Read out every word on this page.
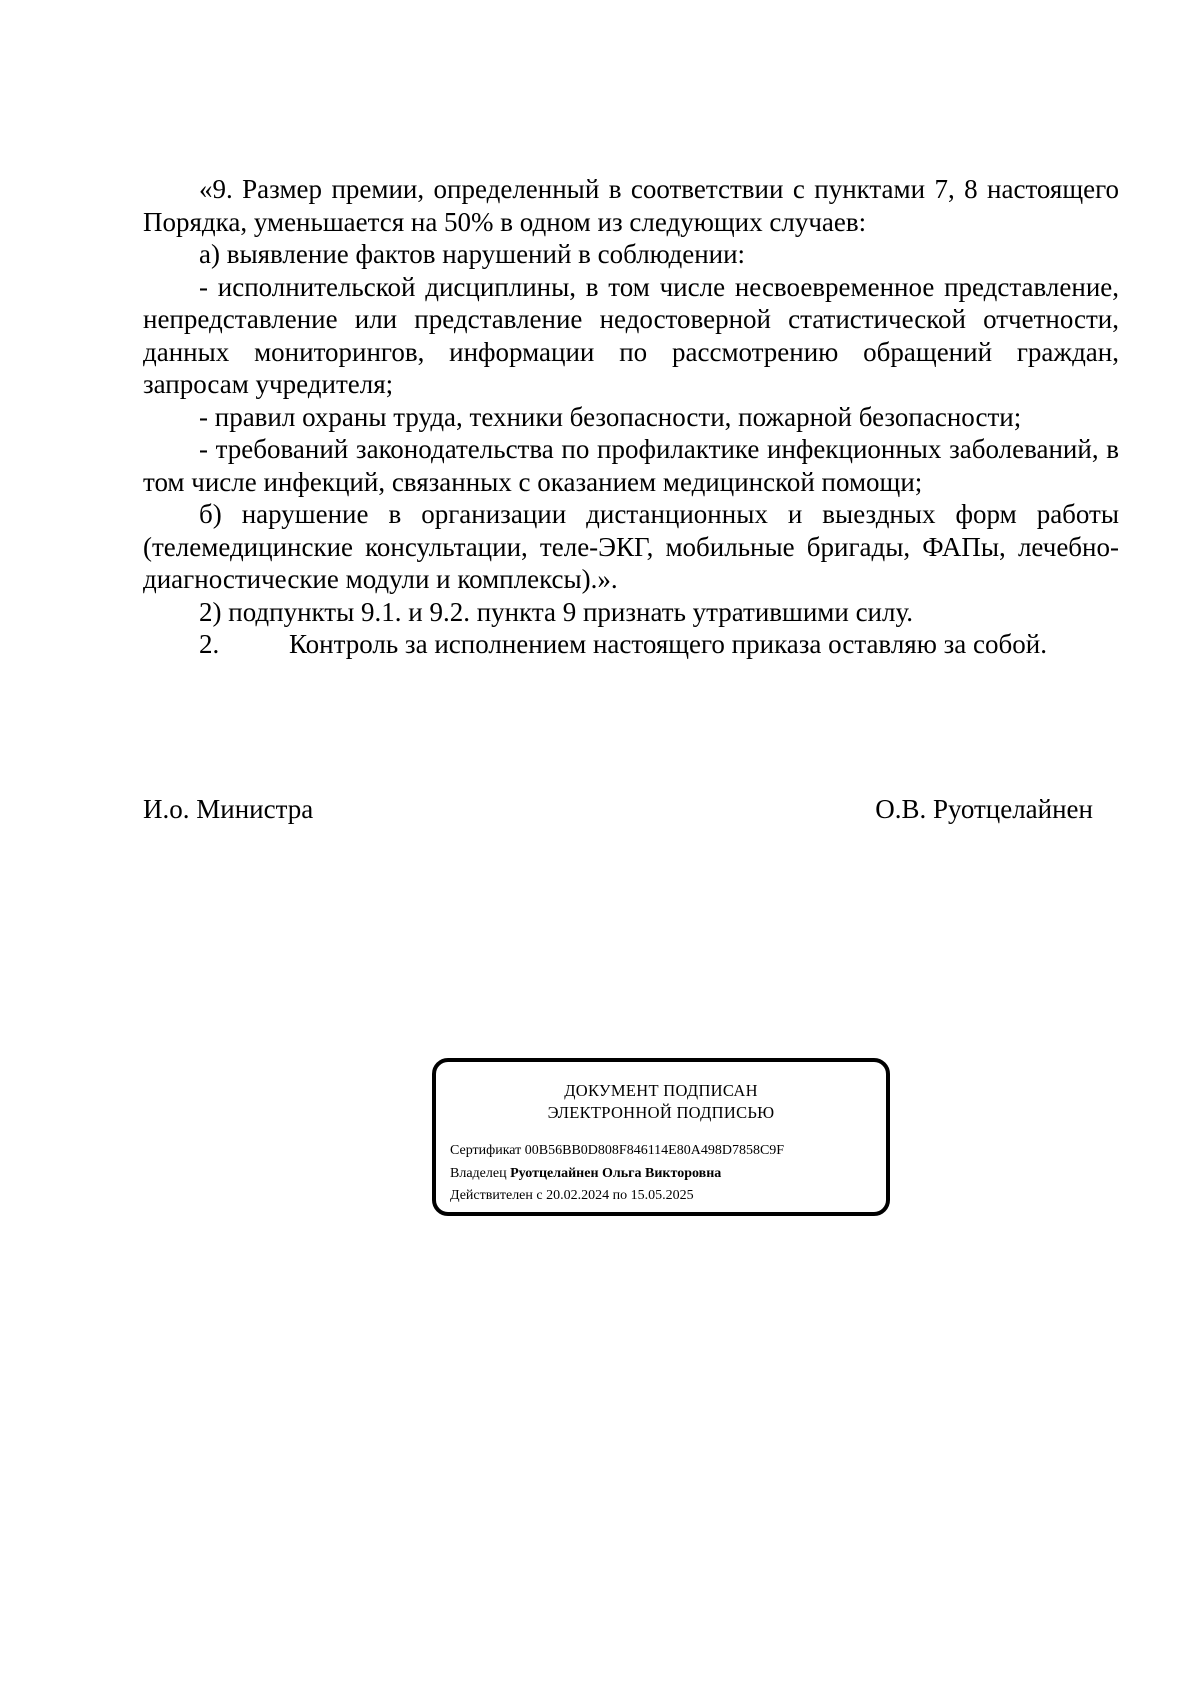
«9. Размер премии, определенный в соответствии с пунктами 7, 8 настоящего Порядка, уменьшается на 50% в одном из следующих случаев:

а) выявление фактов нарушений в соблюдении:

- исполнительской дисциплины, в том числе несвоевременное представление, непредставление или представление недостоверной статистической отчетности, данных мониторингов, информации по рассмотрению обращений граждан, запросам учредителя;

- правил охраны труда, техники безопасности, пожарной безопасности;

- требований законодательства по профилактике инфекционных заболеваний, в том числе инфекций, связанных с оказанием медицинской помощи;

б) нарушение в организации дистанционных и выездных форм работы (телемедицинские консультации, теле-ЭКГ, мобильные бригады, ФАПы, лечебно-диагностические модули и комплексы).».

2) подпункты 9.1. и 9.2. пункта 9 признать утратившими силу.

2.	Контроль за исполнением настоящего приказа оставляю за собой.

И.о. Министра	О.В. Руотцелайнен
ДОКУМЕНТ ПОДПИСАН
ЭЛЕКТРОННОЙ ПОДПИСЬЮ
Сертификат 00B56BB0D808F846114E80A498D7858C9F
Владелец Руотцелайнен Ольга Викторовна
Действителен с 20.02.2024 по 15.05.2025
